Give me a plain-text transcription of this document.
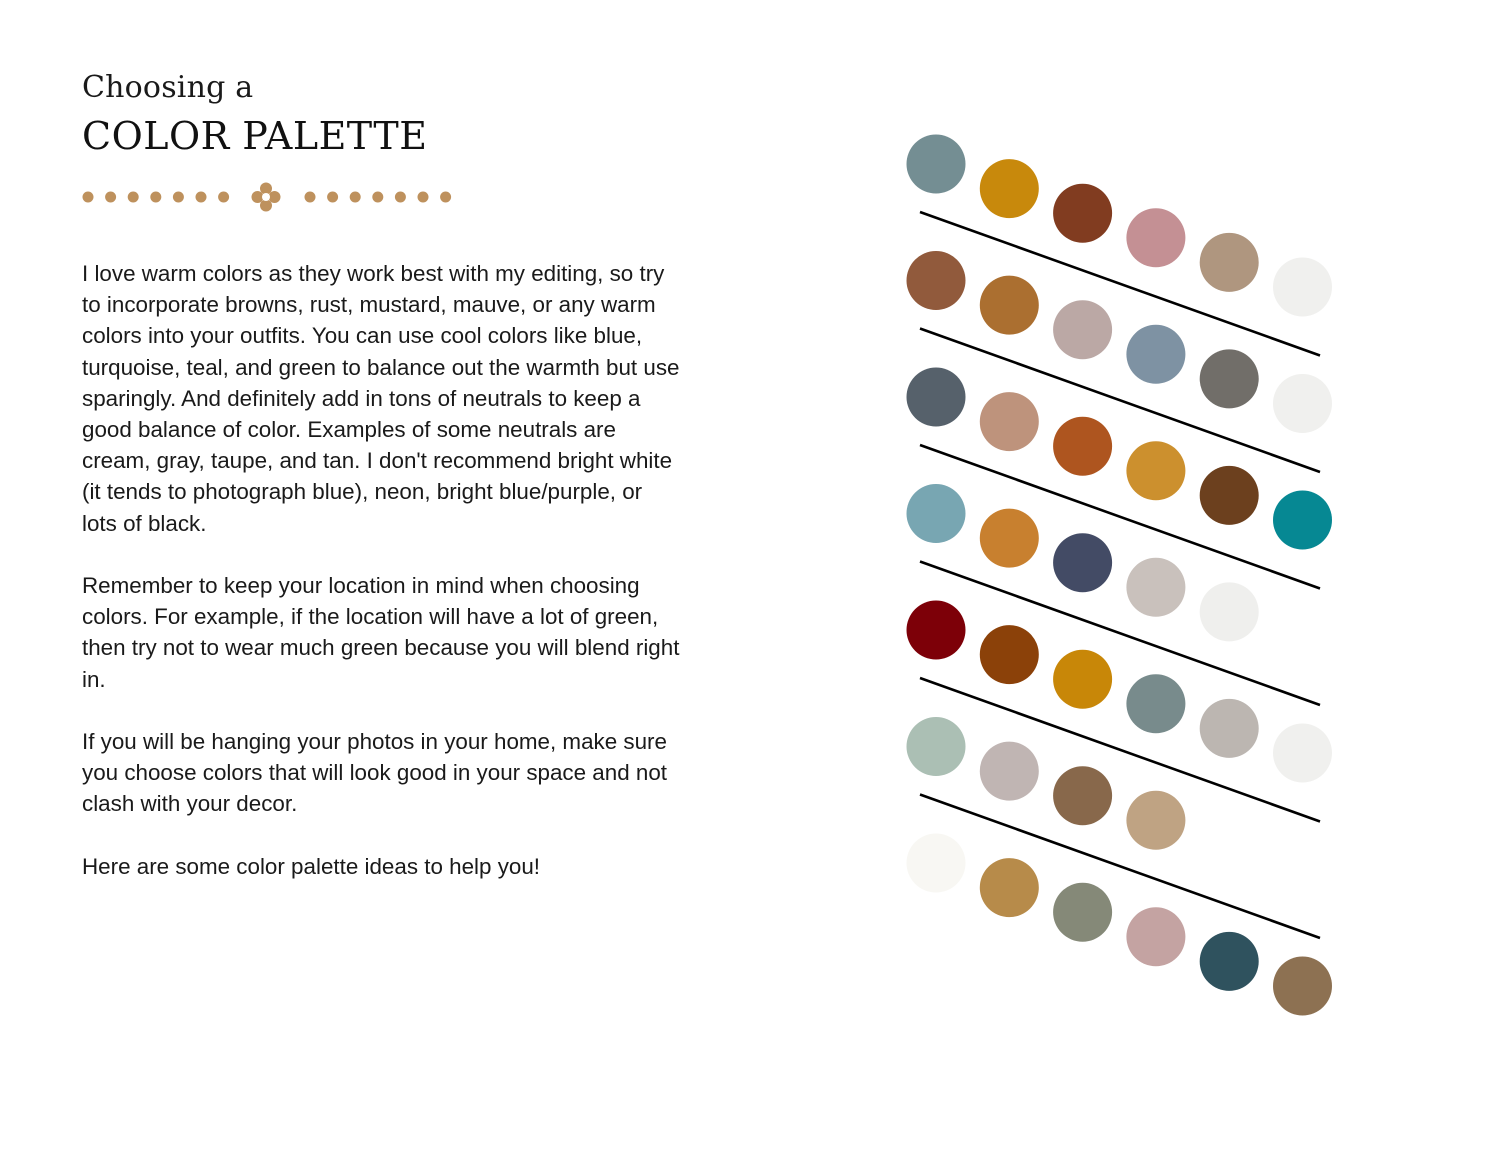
Choosing a
COLOR PALETTE

I love warm colors as they work best with my editing, so try to incorporate browns, rust, mustard, mauve, or any warm colors into your outfits. You can use cool colors like blue, turquoise, teal, and green to balance out the warmth but use sparingly. And definitely add in tons of neutrals to keep a good balance of color. Examples of some neutrals are cream, gray, taupe, and tan. I don't recommend bright white (it tends to photograph blue), neon, bright blue/purple, or lots of black.

Remember to keep your location in mind when choosing colors. For example, if the location will have a lot of green, then try not to wear much green because you will blend right in.

If you will be hanging your photos in your home, make sure you choose colors that will look good in your space and not clash with your decor.

Here are some color palette ideas to help you!
